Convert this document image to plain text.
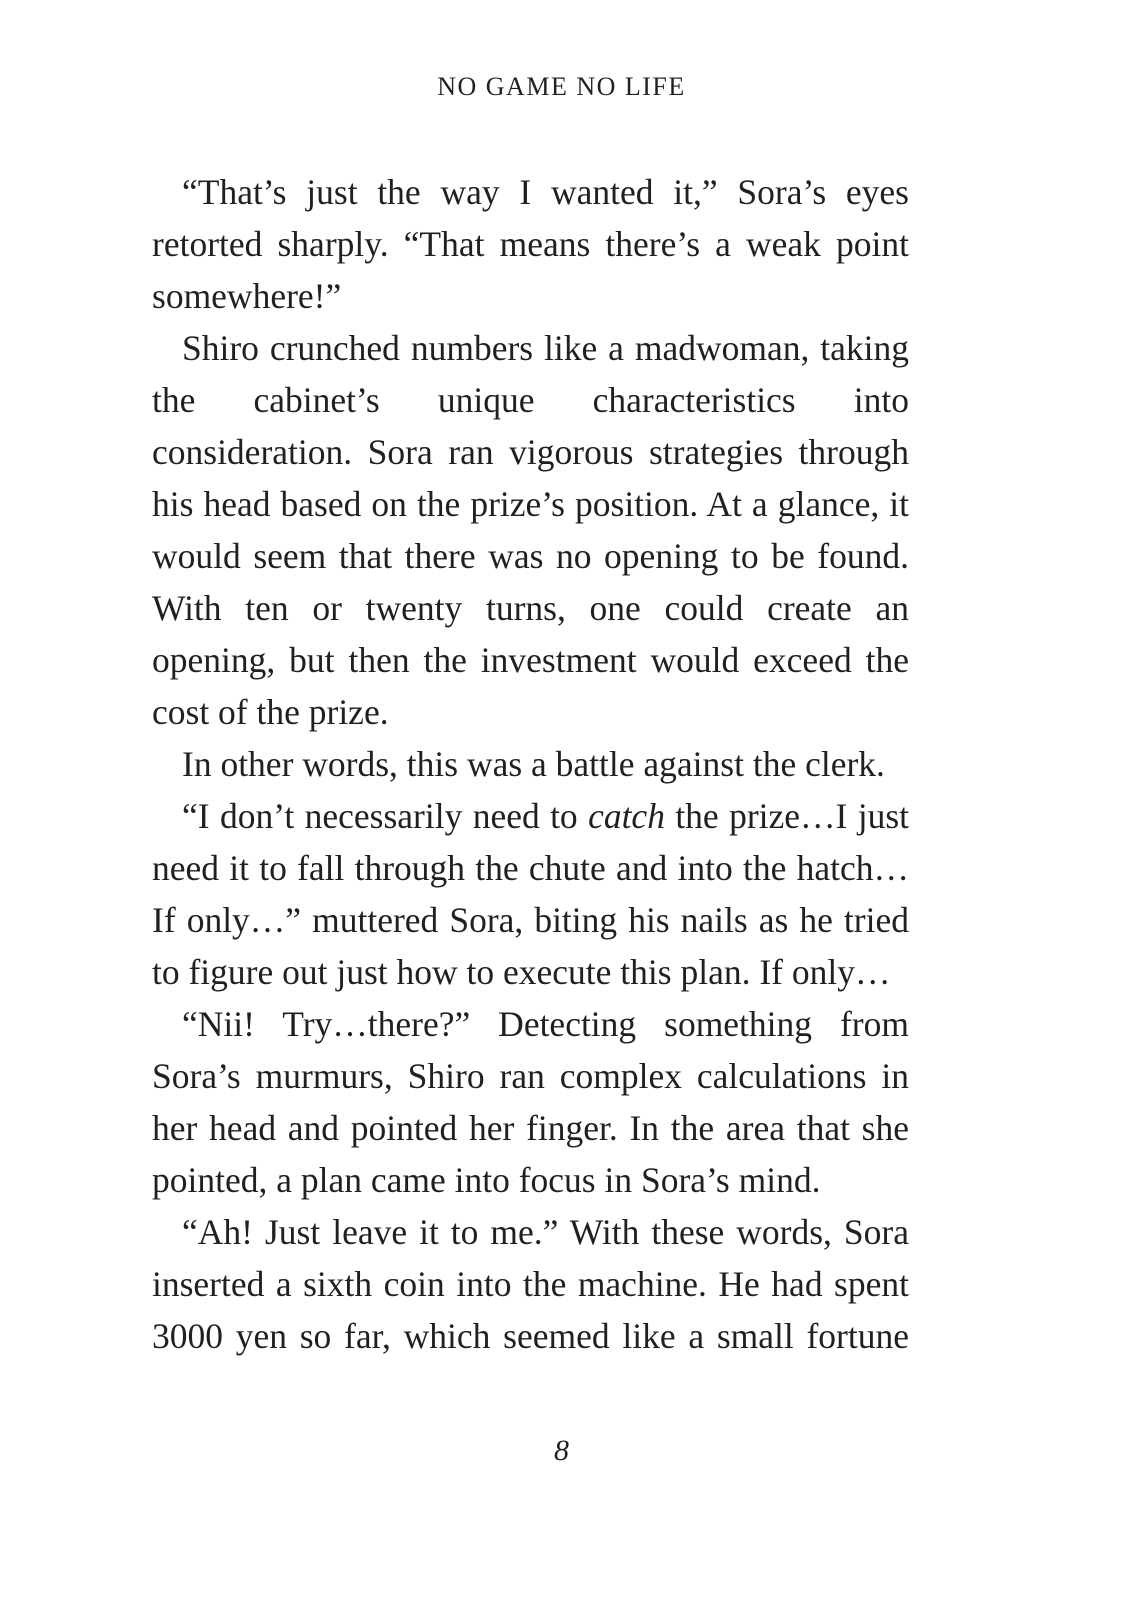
NO GAME NO LIFE

“That’s just the way I wanted it,” Sora’s eyes retorted sharply. “That means there’s a weak point somewhere!”

Shiro crunched numbers like a madwoman, taking the cabinet’s unique characteristics into consideration. Sora ran vigorous strategies through his head based on the prize’s position. At a glance, it would seem that there was no opening to be found. With ten or twenty turns, one could create an opening, but then the investment would exceed the cost of the prize.

In other words, this was a battle against the clerk.

“I don’t necessarily need to catch the prize…I just need it to fall through the chute and into the hatch… If only…” muttered Sora, biting his nails as he tried to figure out just how to execute this plan. If only…

“Nii! Try…there?” Detecting something from Sora’s murmurs, Shiro ran complex calculations in her head and pointed her finger. In the area that she pointed, a plan came into focus in Sora’s mind.

“Ah! Just leave it to me.” With these words, Sora inserted a sixth coin into the machine. He had spent 3000 yen so far, which seemed like a small fortune

8
